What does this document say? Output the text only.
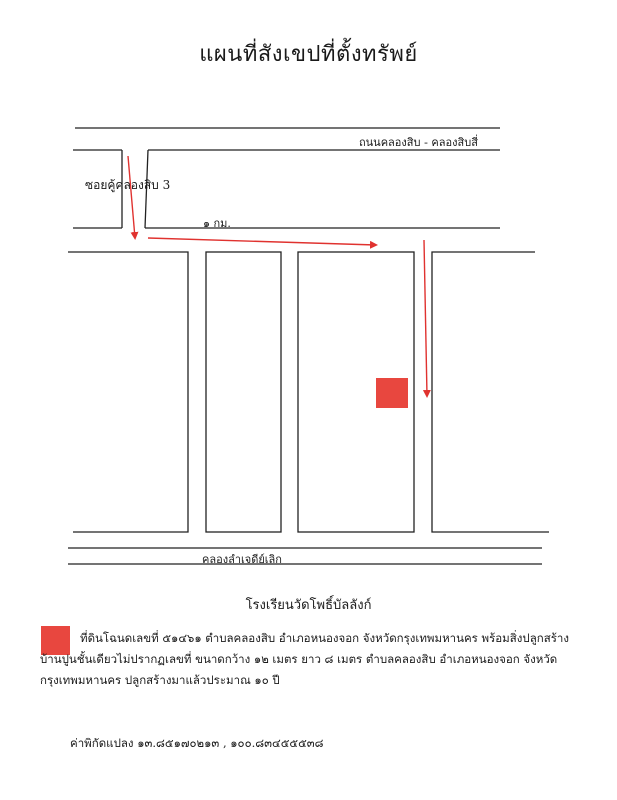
แผนที่สังเขปที่ตั้งทรัพย์
ถนนคลองสิบ - คลองสิบสี่
ซอยคู้คลองสิบ 3
๑ กม.
คลองลำเจดีย์เลิก
โรงเรียนวัดโพธิ์บัลลังก์
ที่ดินโฉนดเลขที่ ๕๑๔๖๑ ตำบลคลองสิบ อำเภอหนองจอก จังหวัดกรุงเทพมหานคร พร้อมสิ่งปลูกสร้าง
บ้านปูนชั้นเดียวไม่ปรากฏเลขที่ ขนาดกว้าง ๑๒ เมตร ยาว ๘ เมตร ตำบลคลองสิบ อำเภอหนองจอก จังหวัด
กรุงเทพมหานคร ปลูกสร้างมาแล้วประมาณ ๑๐ ปี
ค่าพิกัดแปลง ๑๓.๘๕๑๗๐๒๑๓ , ๑๐๐.๘๓๔๕๕๕๓๘
